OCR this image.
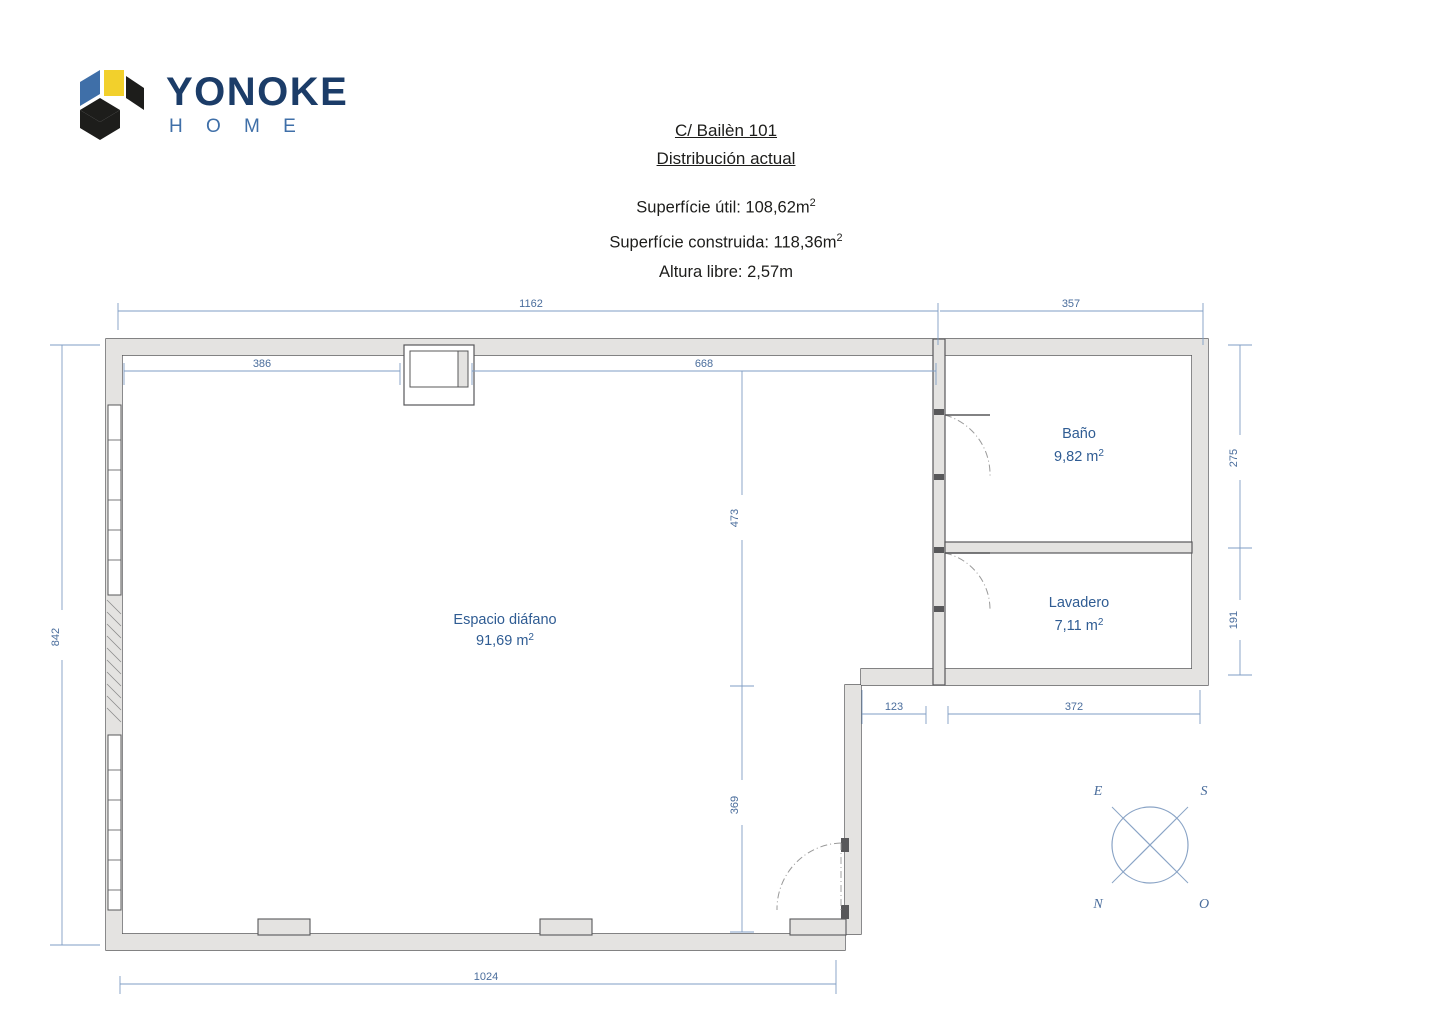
YONOKE
H O M E	C/ Bailèn 101
Distribución actual
Superfície útil: $108,62m^2$
Superfície construida: $118,36m^2$
Altura libre: 2,57m
Espacio diáfano
91,69 $m^2$
Baño
9,82 $m^2$
Lavadero
7,11 $m^2$
1162	357
386	668
473
369
275
191
842
1024
123	372
E	S
N	O
